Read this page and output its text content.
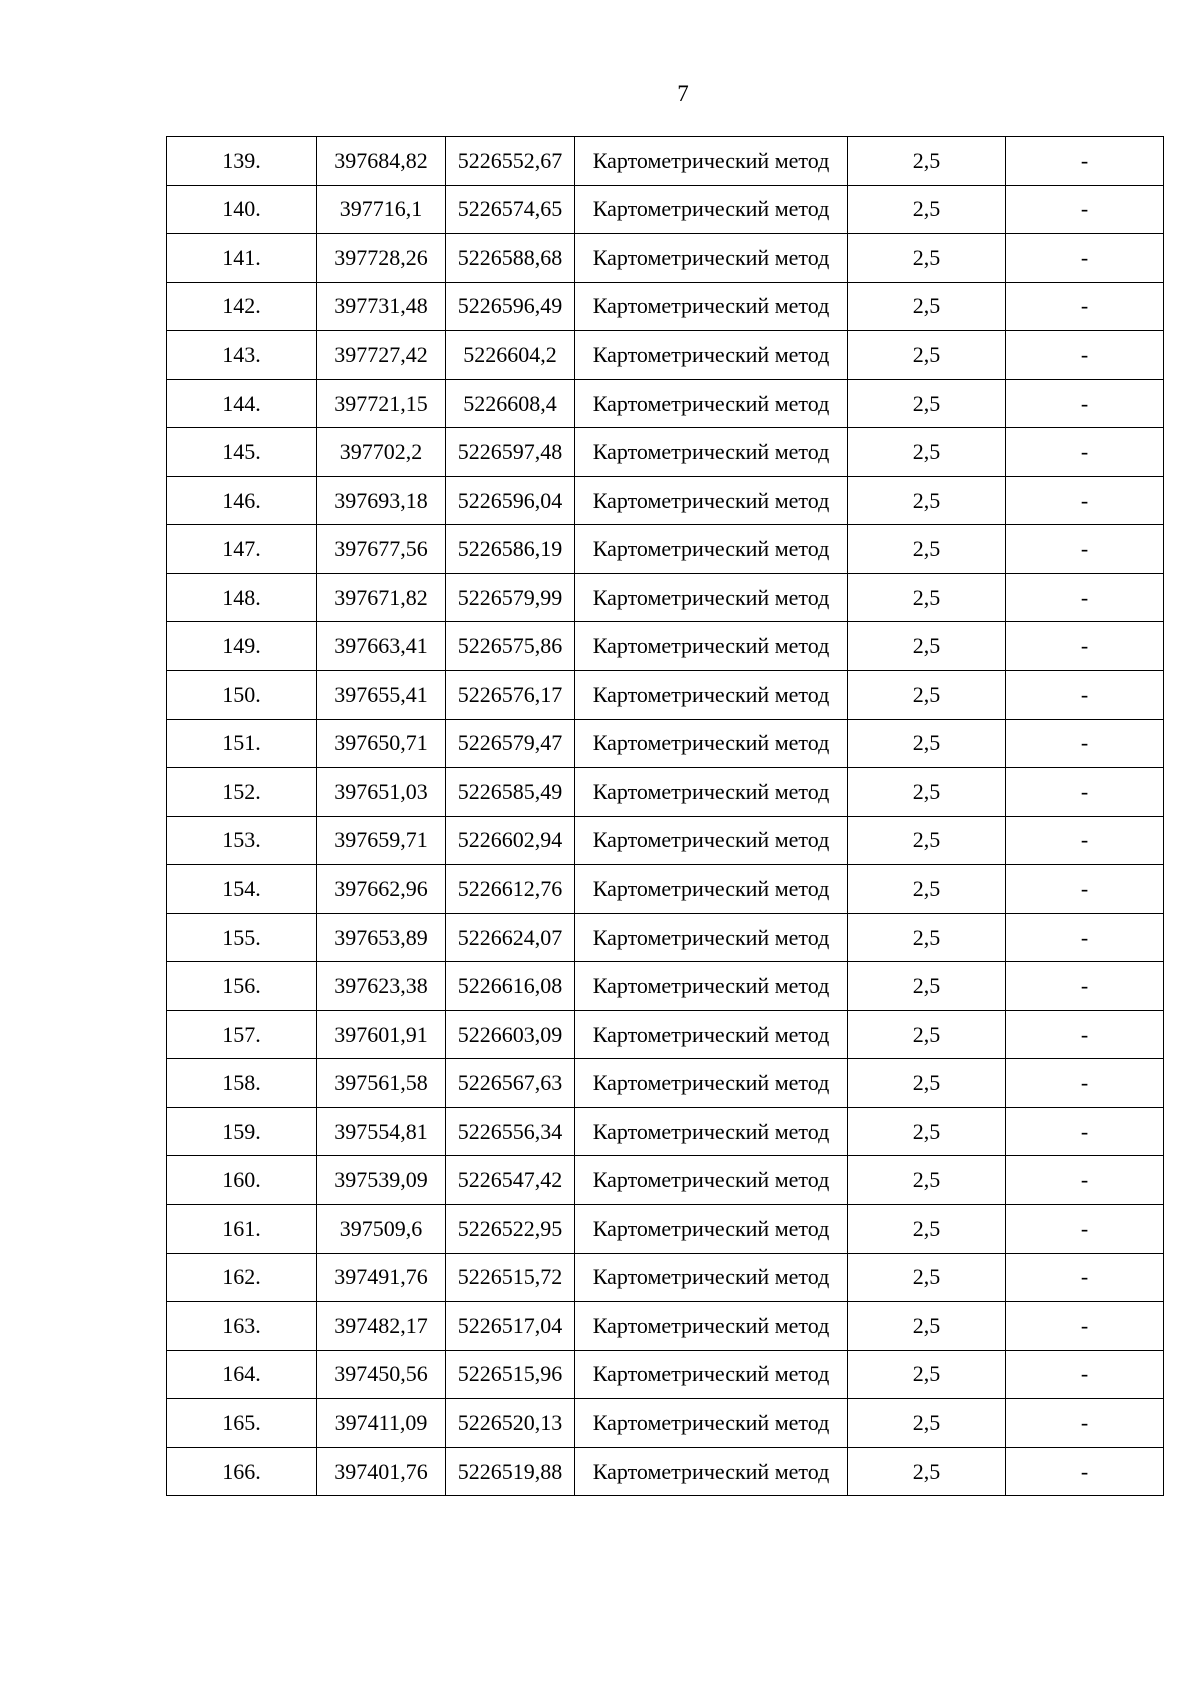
7
139.	397684,82	5226552,67	Картометрический метод	2,5	-
140.	397716,1	5226574,65	Картометрический метод	2,5	-
141.	397728,26	5226588,68	Картометрический метод	2,5	-
142.	397731,48	5226596,49	Картометрический метод	2,5	-
143.	397727,42	5226604,2	Картометрический метод	2,5	-
144.	397721,15	5226608,4	Картометрический метод	2,5	-
145.	397702,2	5226597,48	Картометрический метод	2,5	-
146.	397693,18	5226596,04	Картометрический метод	2,5	-
147.	397677,56	5226586,19	Картометрический метод	2,5	-
148.	397671,82	5226579,99	Картометрический метод	2,5	-
149.	397663,41	5226575,86	Картометрический метод	2,5	-
150.	397655,41	5226576,17	Картометрический метод	2,5	-
151.	397650,71	5226579,47	Картометрический метод	2,5	-
152.	397651,03	5226585,49	Картометрический метод	2,5	-
153.	397659,71	5226602,94	Картометрический метод	2,5	-
154.	397662,96	5226612,76	Картометрический метод	2,5	-
155.	397653,89	5226624,07	Картометрический метод	2,5	-
156.	397623,38	5226616,08	Картометрический метод	2,5	-
157.	397601,91	5226603,09	Картометрический метод	2,5	-
158.	397561,58	5226567,63	Картометрический метод	2,5	-
159.	397554,81	5226556,34	Картометрический метод	2,5	-
160.	397539,09	5226547,42	Картометрический метод	2,5	-
161.	397509,6	5226522,95	Картометрический метод	2,5	-
162.	397491,76	5226515,72	Картометрический метод	2,5	-
163.	397482,17	5226517,04	Картометрический метод	2,5	-
164.	397450,56	5226515,96	Картометрический метод	2,5	-
165.	397411,09	5226520,13	Картометрический метод	2,5	-
166.	397401,76	5226519,88	Картометрический метод	2,5	-
